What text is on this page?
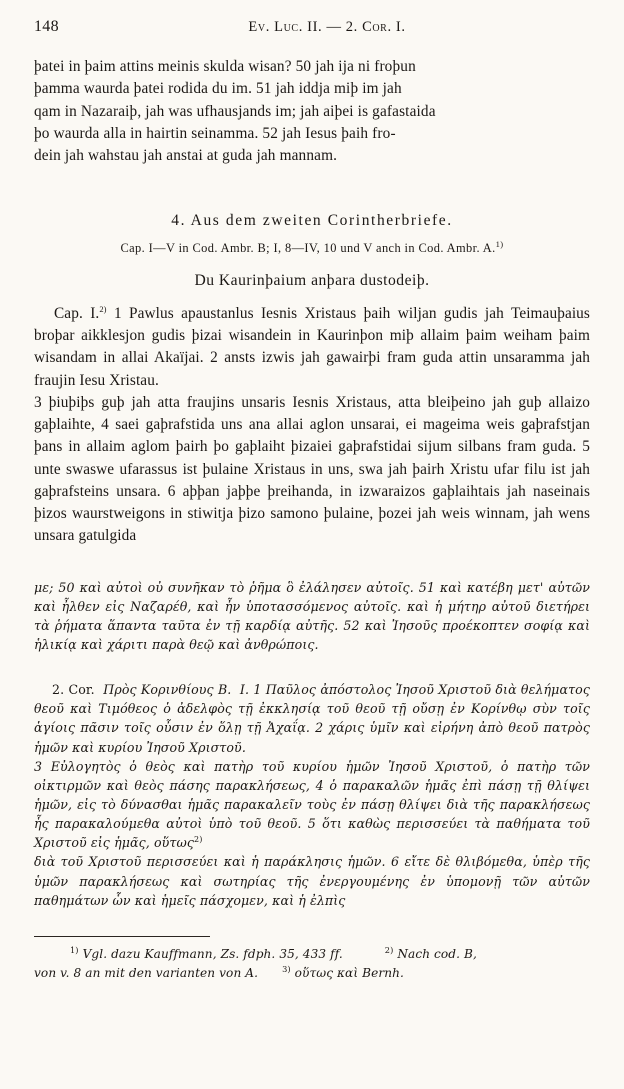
148	Ev. Luc. II. — 2. Cor. I.

þatei in þaim attins meinis skulda wisan? 50 jah ija ni froþun

þamma waurda þatei rodida du im. 51 jah iddja miþ im jah

qam in Nazaraiþ, jah was ufhausjands im; jah aiþei is gafastaida

þo waurda alla in hairtin seinamma. 52 jah Iesus þaih fro-

dein jah wahstau jah anstai at guda jah mannam.

4. Aus dem zweiten Corintherbriefe.
Cap. I—V in Cod. Ambr. B; I, 8—IV, 10 und V anch in Cod. Ambr. A.$^{1)}$
Du Kaurinþaium anþara dustodeiþ.

Cap. I.$^{2)}$ 1 Pawlus apaustanlus Iesnis Xristaus þaih wiljan gudis jah Teimauþaius broþar aikklesjon gudis þizai wisandein in Kaurinþon miþ allaim þaim weiham þaim wisandam in allai Akaïjai. 2 ansts izwis jah gawairþi fram guda attin unsaramma jah fraujin Iesu Xristau.

3 þiuþiþs guþ jah atta fraujins unsaris Iesnis Xristaus, atta bleiþeino jah guþ allaizo gaþlaihte, 4 saei gaþrafstida uns ana allai aglon unsarai, ei mageima weis gaþrafstjan þans in allaim aglom þairh þo gaþlaiht þizaiei gaþrafstidai sijum silbans fram guda. 5 unte swaswe ufarassus ist þulaine Xristaus in uns, swa jah þairh Xristu ufar filu ist jah gaþrafsteins unsara. 6 aþþan jaþþe þreihanda, in izwaraizos gaþlaihtais jah naseinais þizos waurstweigons in stiwitja þizo samono þulaine, þozei jah weis winnam, jah wens unsara gatulgida

με; 50 καὶ αὐτοὶ οὐ συνῆκαν τὸ ῥῆμα ὃ ἐλάλησεν αὐτοῖς. 51 καὶ κατέβη μετ' αὐτῶν καὶ ἦλθεν εἰς Ναζαρέθ, καὶ ἦν ὑποτασσόμενος αὐτοῖς. καὶ ἡ μήτηρ αὐτοῦ διετήρει τὰ ῥήματα ἅπαντα ταῦτα ἐν τῇ καρδίᾳ αὐτῆς. 52 καὶ Ἰησοῦς προέκοπτεν σοφίᾳ καὶ ἡλικίᾳ καὶ χάριτι παρὰ θεῷ καὶ ἀνθρώποις.

2. Cor. Πρὸς Κορινθίους Β. I. 1 Παῦλος ἀπόστολος Ἰησοῦ Χριστοῦ διὰ θελήματος θεοῦ καὶ Τιμόθεος ὁ ἀδελφὸς τῇ ἐκκλησίᾳ τοῦ θεοῦ τῇ οὔσῃ ἐν Κορίνθῳ σὺν τοῖς ἁγίοις πᾶσιν τοῖς οὖσιν ἐν ὅλῃ τῇ Ἀχαΐᾳ. 2 χάρις ὑμῖν καὶ εἰρήνη ἀπὸ θεοῦ πατρὸς ἡμῶν καὶ κυρίου Ἰησοῦ Χριστοῦ.

3 Εὐλογητὸς ὁ θεὸς καὶ πατὴρ τοῦ κυρίου ἡμῶν Ἰησοῦ Χριστοῦ, ὁ πατὴρ τῶν οἰκτιρμῶν καὶ θεὸς πάσης παρακλήσεως, 4 ὁ παρακαλῶν ἡμᾶς ἐπὶ πάσῃ τῇ θλίψει ἡμῶν, εἰς τὸ δύνασθαι ἡμᾶς παρακαλεῖν τοὺς ἐν πάσῃ θλίψει διὰ τῆς παρακλήσεως ἧς παρακαλούμεθα αὐτοὶ ὑπὸ τοῦ θεοῦ. 5 ὅτι καθὼς περισσεύει τὰ παθήματα τοῦ Χριστοῦ εἰς ἡμᾶς, οὕτως$^{2)}$

διὰ τοῦ Χριστοῦ περισσεύει καὶ ἡ παράκλησις ἡμῶν. 6 εἴτε δὲ θλιβόμεθα, ὑπὲρ τῆς ὑμῶν παρακλήσεως καὶ σωτηρίας τῆς ἐνεργουμένης ἐν ὑπομονῇ τῶν αὐτῶν παθημάτων ὧν καὶ ἡμεῖς πάσχομεν, καὶ ἡ ἐλπὶς

$^{1)}$ Vgl. dazu Kauffmann, Zs. fdph. 35, 433 ff.	$^{2)}$ Nach cod. B,

von v. 8 an mit den varianten von A.	$^{3)}$ οὕτως καὶ Bernh.
